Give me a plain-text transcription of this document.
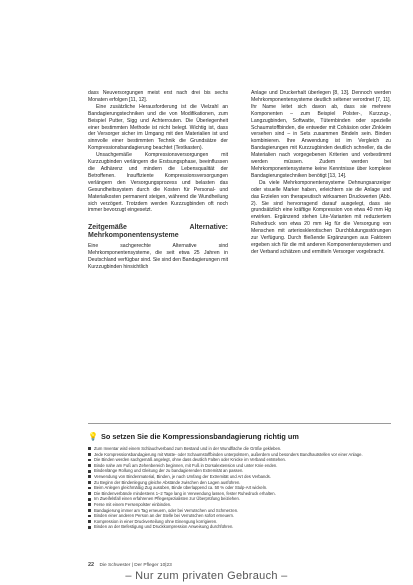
dass Neuversorgungen meist erst nach drei bis sechs Monaten erfolgen [11, 12].

Eine zusätzliche Herausforderung ist die Vielzahl an Bandagierungstechniken und die von Modifikationen, zum Beispiel Putter, Sigg und Achterrouten. Die Überlegenheit einer bestimmten Methode ist nicht belegt. Wichtig ist, dass der Versorger sicher im Umgang mit den Materialien ist und sinnvolle einer bestimmten Technik die Grundsätze der Kompressionsbandagierung beachtet (Textkasten).

Unsachgemäße Kompressionsversorgungen mit Kurzzugbinden verlängern die Erstsungsphase, beeinflussen die Adhärenz und mindern die Lebensqualität der Betroffenen. Insuffiziente Kompressionsversorgungen verlängern den Versorgungsprozess und belasten das Gesundheitssystem durch die Kosten für Personal- und Materialkosten permanent steigen, während die Wundheilung sich verzögert. Trotzdem werden Kurzzugbinden oft noch immer bevorzugt eingesetzt.

Zeitgemäße Alternative: Mehrkomponentensysteme

Eine sachgerechte Alternative sind Mehrkomponentensysteme, die seit etwa 25 Jahren in Deutschland verfügbar sind. Sie sind den Bandagierungen mit Kurzzugbinden hinsichtlich

Anlage und Druckerhalt überlegen [8, 13]. Dennoch werden Mehrkomponentensysteme deutlich seltener verordnet [7, 11]. Ihr Name leitet sich davon ab, dass sie mehrere Komponenten – zum Beispiel Polster-, Kurzzug-, Langzugbinden, Softwatte, Tüternbinden oder spezielle Schaumstoffbinden, die entweder mit Cohäsion oder Zinkleim versehen sind – in Sets zusammen Bindeln sein. Binden kombinieren. Ihre Anwendung ist im Vergleich zu Bandagierungen mit Kurzzugbinden deutlich schneller, da die Materialien nach vorgegebenen Kriterien und vorbestimmt werden müssen. Zudem werden bei Mehrkomponentensysteme keine Kenntnisse über komplexe Bandagierungstechniken benötigt [13, 14].

Da viele Mehrkomponentensysteme Dehnungsanzeiger oder visuelle Marker haben, erleichtern sie die Anlage und das Erzielen von therapeutisch wirksamen Druckwerten (Abb. 2). Sie sind hervorragend darauf ausgelegt, dass sie grundsätzlich eine kräftige Kompression von etwa 40 mm Hg erwirken. Ergänzend stehen Lite-Varianten mit reduziertem Ruhedruck von etwa 20 mm Hg für die Versorgung von Menschen mit arteriosklerotischen Durchblutungsstörungen zur Verfügung. Durch fließende Ergänzungen aus Faktoren ergeben sich für die mit anderen Komponentensystemen und der Verband schätzen und ermitteln Versorger vorgebracht.

💡 So setzen Sie die Kompressionsbandagierung richtig um
Zum Inventar wird einem Schlauchverband zum Bestand und in der Wundfläche die Größe gekleben.
Jede Kompressionsbandagierung mit Watte- oder Schaumstoffbinden unterpolstern, außerdem und besonders Bandhautstellen vor einer Anlage.
Die Binden werden sachgemäß angelegt, ohne dass deutlich Falten oder Knicke im Verband entstehen.
Binde nahe am Fuß am Zehenbereich beginnen, mit Fuß in Dorsalextension und unter Knie enden.
Bindenlänge Rollung und Gleitung der zu bandagierenden Extremität an passen.
Verwendung von Bindenmaterial, Binden, je nach Umfang der Extremität und Art des Verbands.
Zu Beginn der Bindenlegung gleiche Abstände zwischen den Lagen ausführen.
Beim Anlegen gleichmäßig Zug ausüben, Binde überlappend ca. 50 % oder Stulp-Art wickeln.
Die Bindenverbände mindestens 1–2 Tage lang in Verwendung lassen, fester Ruhedruck erhalten.
Im Zweifelsfall einen erfahrenen Pflegespezialisten zur Überprüfung beiziehen.
Ferse mit einem Fersenpolster einbinden.
Bandagierung immer am Tag erneuern, oder bei Verrutschen und Schmerzen.
Binden einer anderen Person an der Stelle bei Verrutschen sofort erneuern.
Kompression in einer Druckverteilung ohne Einengung korrigieren.
Binden an der Befestigung und Druckkompression Anweisung durchführen.
22 Die Schwester | Der Pfleger 10|23
– Nur zum privaten Gebrauch –
